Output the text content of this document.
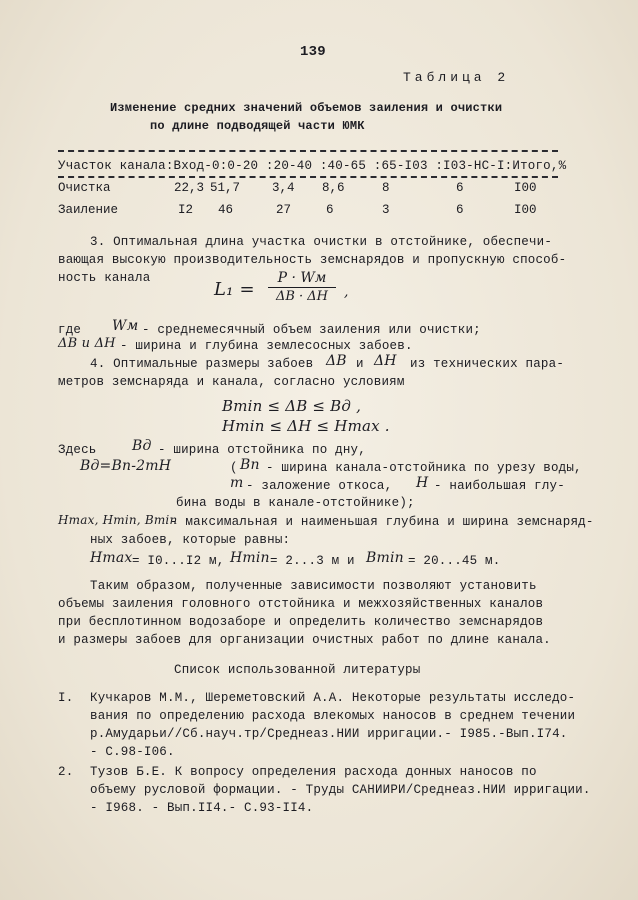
139
Таблица 2
Изменение средних значений объемов заиления и очистки
по длине подводящей части ЮМК
Участок канала:Вход-0:0-20 :20-40 :40-65 :65-I03 :I03-НС-I:Итого,%
Очистка	22,3 51,7	3,4 8,6	8	6	I00
Заиление	I2 46	27	6	3	6	I00
3. Оптимальная длина участка очистки в отстойнике, обеспечи-
вающая высокую производительность земснарядов и пропускную способ-
ность канала
L₁ =
P · Wм
ΔB · ΔH	,
где Wм - среднемесячный объем заиления или очистки;
ΔB и ΔH - ширина и глубина землесосных забоев.
4. Оптимальные размеры забоев ΔB и ΔH из технических пара-
метров земснаряда и канала, согласно условиям
Bmin ≤ ΔB ≤ Bд ,
Hmin ≤ ΔH ≤ Hmax .
Здесь	Bд - ширина отстойника по дну,
Bд=Bп-2mH	( Bп - ширина канала-отстойника по урезу воды,
m - заложение откоса, H - наибольшая глу-
бина воды в канале-отстойнике);
Hmax, Hmin, Bmin
- максимальная и наименьшая глубина и ширина земснаряд-
ных забоев, которые равны:
Hmax = I0...I2 м, Hmin = 2...3 м и Bmin = 20...45 м.
Таким образом, полученные зависимости позволяют установить
объемы заиления головного отстойника и межхозяйственных каналов
при бесплотинном водозаборе и определить количество земснарядов
и размеры забоев для организации очистных работ по длине канала.
Список использованной литературы
I. Кучкаров М.М., Шереметовский А.А. Некоторые результаты исследо-
вания по определению расхода влекомых наносов в среднем течении
р.Амударьи//Сб.науч.тр/Среднеаз.НИИ ирригации.- I985.-Вып.I74.
- С.98-I06.
2. Тузов Б.Е. К вопросу определения расхода донных наносов по
объему русловой формации. - Труды САНИИРИ/Среднеаз.НИИ ирригации.
- I968. - Вып.II4.- С.93-II4.
